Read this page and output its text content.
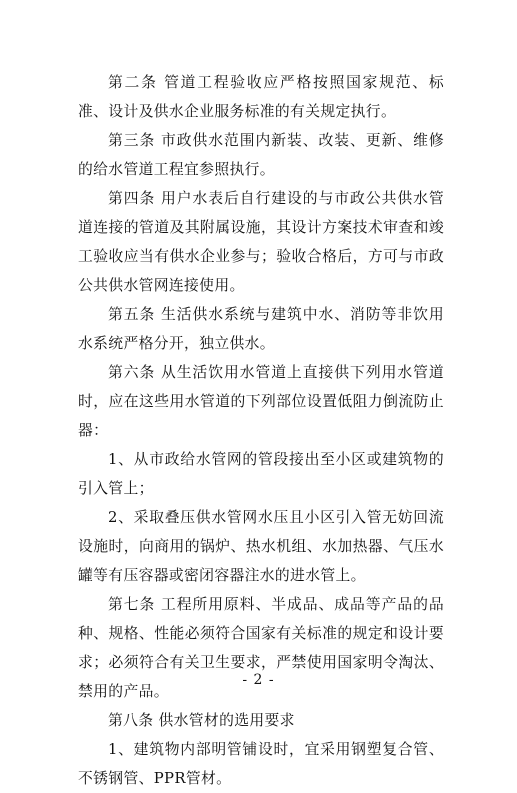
第二条 管道工程验收应严格按照国家规范、标准、设计及供水企业服务标准的有关规定执行。

第三条 市政供水范围内新装、改装、更新、维修的给水管道工程宜参照执行。

第四条 用户水表后自行建设的与市政公共供水管道连接的管道及其附属设施，其设计方案技术审查和竣工验收应当有供水企业参与；验收合格后，方可与市政公共供水管网连接使用。

第五条 生活供水系统与建筑中水、消防等非饮用水系统严格分开，独立供水。

第六条 从生活饮用水管道上直接供下列用水管道时，应在这些用水管道的下列部位设置低阻力倒流防止器：

1、从市政给水管网的管段接出至小区或建筑物的引入管上；

2、采取叠压供水管网水压且小区引入管无妨回流设施时，向商用的锅炉、热水机组、水加热器、气压水罐等有压容器或密闭容器注水的进水管上。

第七条 工程所用原料、半成品、成品等产品的品种、规格、性能必须符合国家有关标准的规定和设计要求；必须符合有关卫生要求，严禁使用国家明令淘汰、禁用的产品。

第八条 供水管材的选用要求

1、建筑物内部明管铺设时，宜采用钢塑复合管、不锈钢管、PPR管材。

- 2 -
